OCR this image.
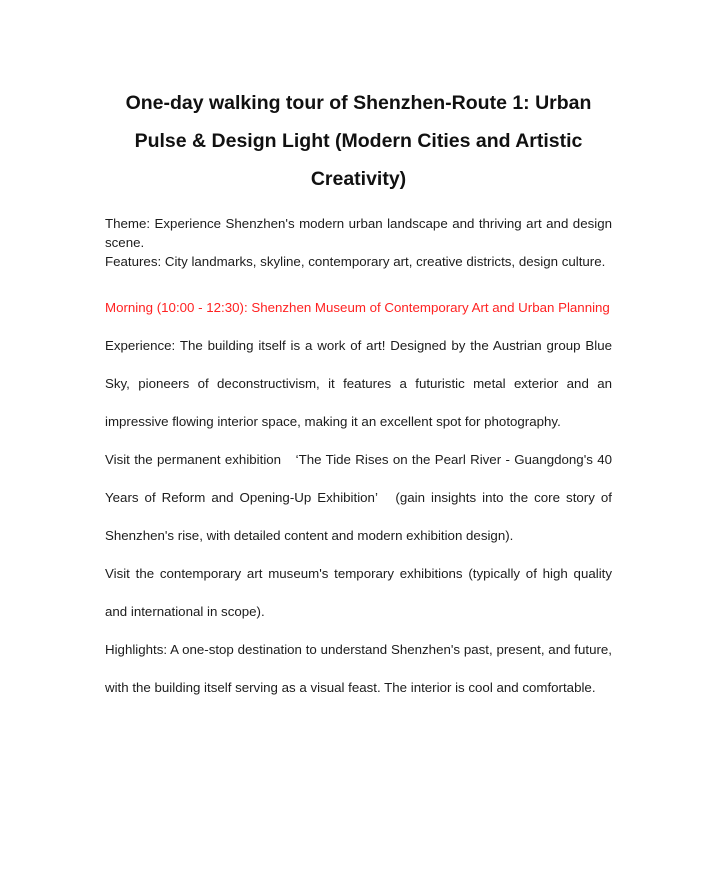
One-day walking tour of Shenzhen-Route 1: Urban Pulse & Design Light (Modern Cities and Artistic Creativity)

Theme: Experience Shenzhen's modern urban landscape and thriving art and design scene.

Features: City landmarks, skyline, contemporary art, creative districts, design culture.

Morning (10:00 - 12:30): Shenzhen Museum of Contemporary Art and Urban Planning

Experience: The building itself is a work of art! Designed by the Austrian group Blue Sky, pioneers of deconstructivism, it features a futuristic metal exterior and an impressive flowing interior space, making it an excellent spot for photography.

Visit the permanent exhibition　‘The Tide Rises on the Pearl River - Guangdong's 40 Years of Reform and Opening-Up Exhibition’　(gain insights into the core story of Shenzhen's rise, with detailed content and modern exhibition design).

Visit the contemporary art museum's temporary exhibitions (typically of high quality and international in scope).

Highlights: A one-stop destination to understand Shenzhen's past, present, and future, with the building itself serving as a visual feast. The interior is cool and comfortable.
